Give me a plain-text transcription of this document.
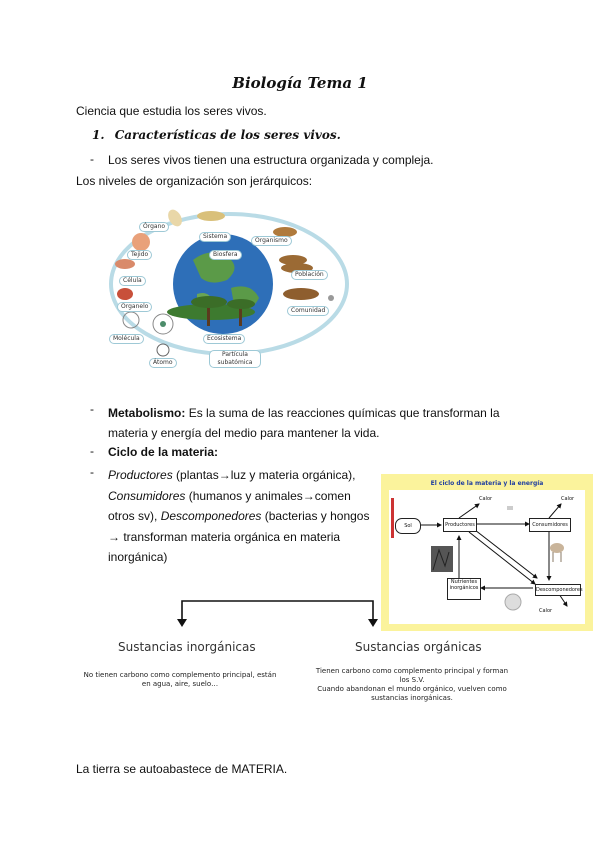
Biología Tema 1
Ciencia que estudia los seres vivos.
1. Características de los seres vivos.
- Los seres vivos tienen una estructura organizada y compleja.
Los niveles de organización son jerárquicos:
Órgano
Sistema
Organismo
Tejido	Biosfera
Población
Célula
Comunidad
Organelo
Molécula	Ecosistema
Átomo
Partícula subatómica
- Metabolismo: Es la suma de las reacciones químicas que transforman la
materia y energía del medio para mantener la vida.
- Ciclo de la materia:
- Productores (plantas→luz y materia orgánica),
Consumidores (humanos y animales→comen
otros sv), Descomponedores (bacterias y hongos
→ transforman materia orgánica en materia
inorgánica)
El ciclo de la materia y la energía
Sol	Productores	Consumidores
Nutrientes inorgánicos	Descomponedores
Calor	Calor
Calor
Sustancias inorgánicas	Sustancias orgánicas
No tienen carbono como complemento principal, están
en agua, aire, suelo…
Tienen carbono como complemento principal y forman
los S.V.
Cuando abandonan el mundo orgánico, vuelven como
sustancias inorgánicas.
La tierra se autoabastece de MATERIA.
